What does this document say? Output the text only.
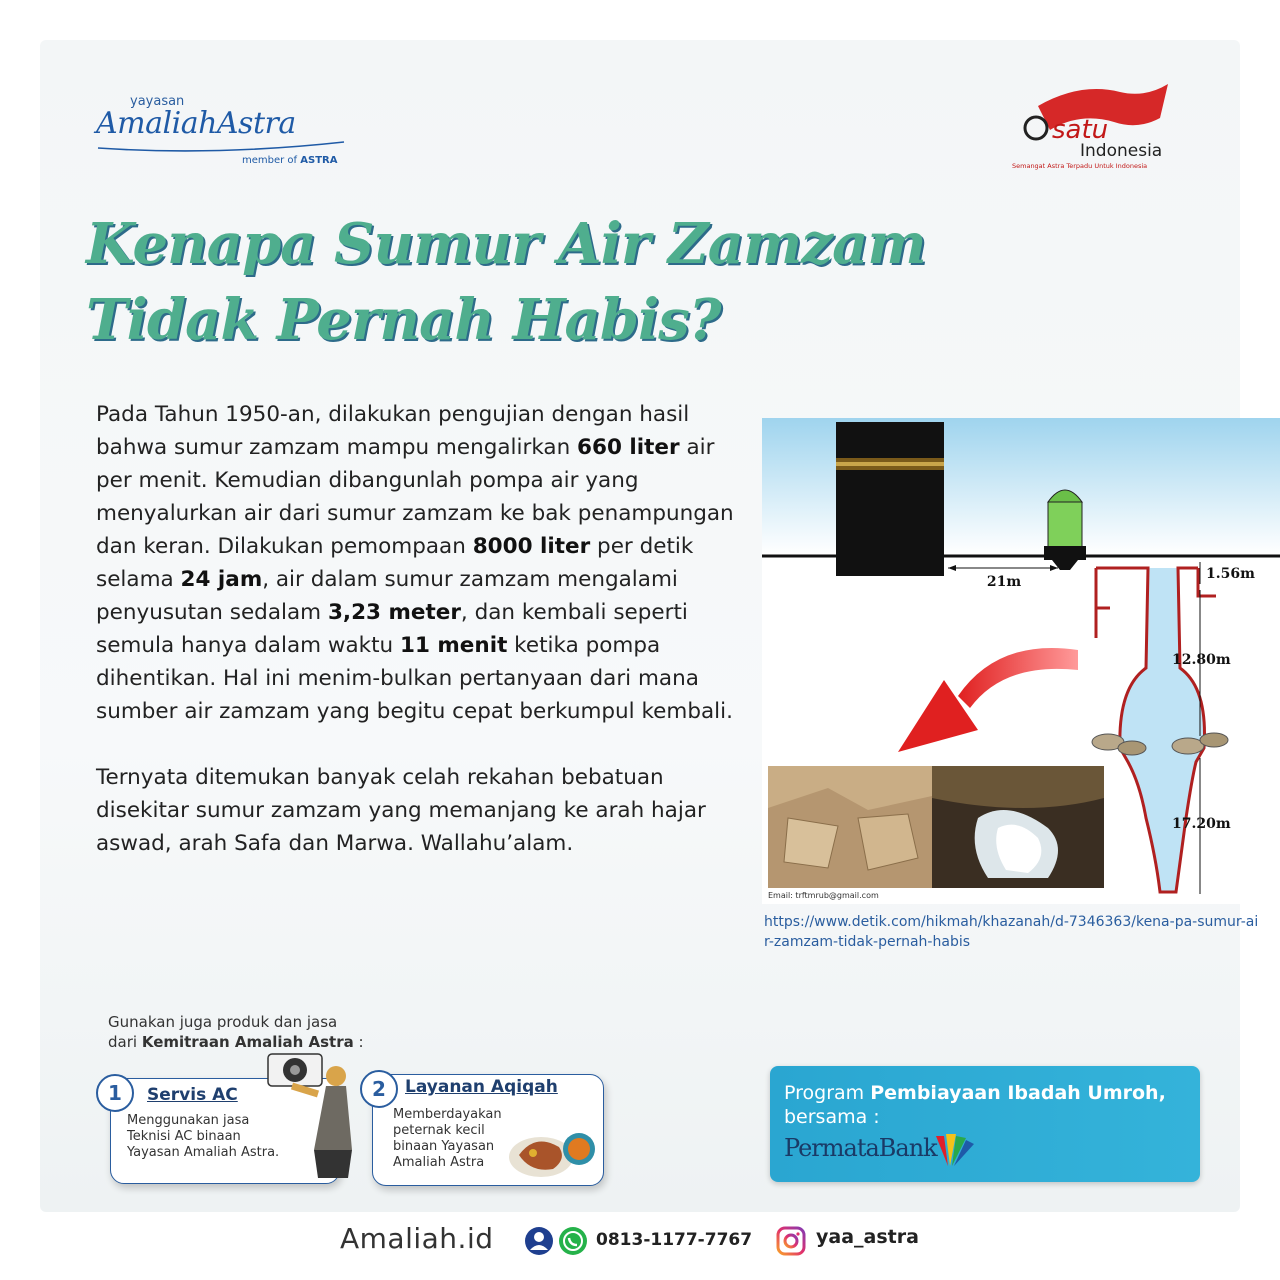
yayasan
AmaliahAstra
member of ASTRA
satu
Indonesia
Semangat Astra Terpadu Untuk Indonesia
Kenapa Sumur Air Zamzam
Tidak Pernah Habis?

Pada Tahun 1950-an, dilakukan pengujian dengan hasil bahwa sumur zamzam mampu mengalirkan 660 liter air per menit. Kemudian dibangunlah pompa air yang menyalurkan air dari sumur zamzam ke bak penampungan dan keran. Dilakukan pemompaan 8000 liter per detik selama 24 jam, air dalam sumur zamzam mengalami penyusutan sedalam 3,23 meter, dan kembali seperti semula hanya dalam waktu 11 menit ketika pompa dihentikan. Hal ini menim-bulkan pertanyaan dari mana sumber air zamzam yang begitu cepat berkumpul kembali.

Ternyata ditemukan banyak celah rekahan bebatuan disekitar sumur zamzam yang memanjang ke arah hajar aswad, arah Safa dan Marwa. Wallahu’alam.

21m	1.56m
12.80m
17.20m
Email: trftmrub@gmail.com
https://www.detik.com/hikmah/khazanah/d-7346363/kena-pa-sumur-air-zamzam-tidak-pernah-habis
Gunakan juga produk dan jasa
dari Kemitraan Amaliah Astra :
Servis AC
Menggunakan jasa
Teknisi AC binaan
Yayasan Amaliah Astra.
1	Layanan Aqiqah
Memberdayakan
peternak kecil
binaan Yayasan
Amaliah Astra
2	Program Pembiayaan Ibadah Umroh,
bersama :
PermataBank
Amaliah.id	0813-1177-7767	yaa_astra
